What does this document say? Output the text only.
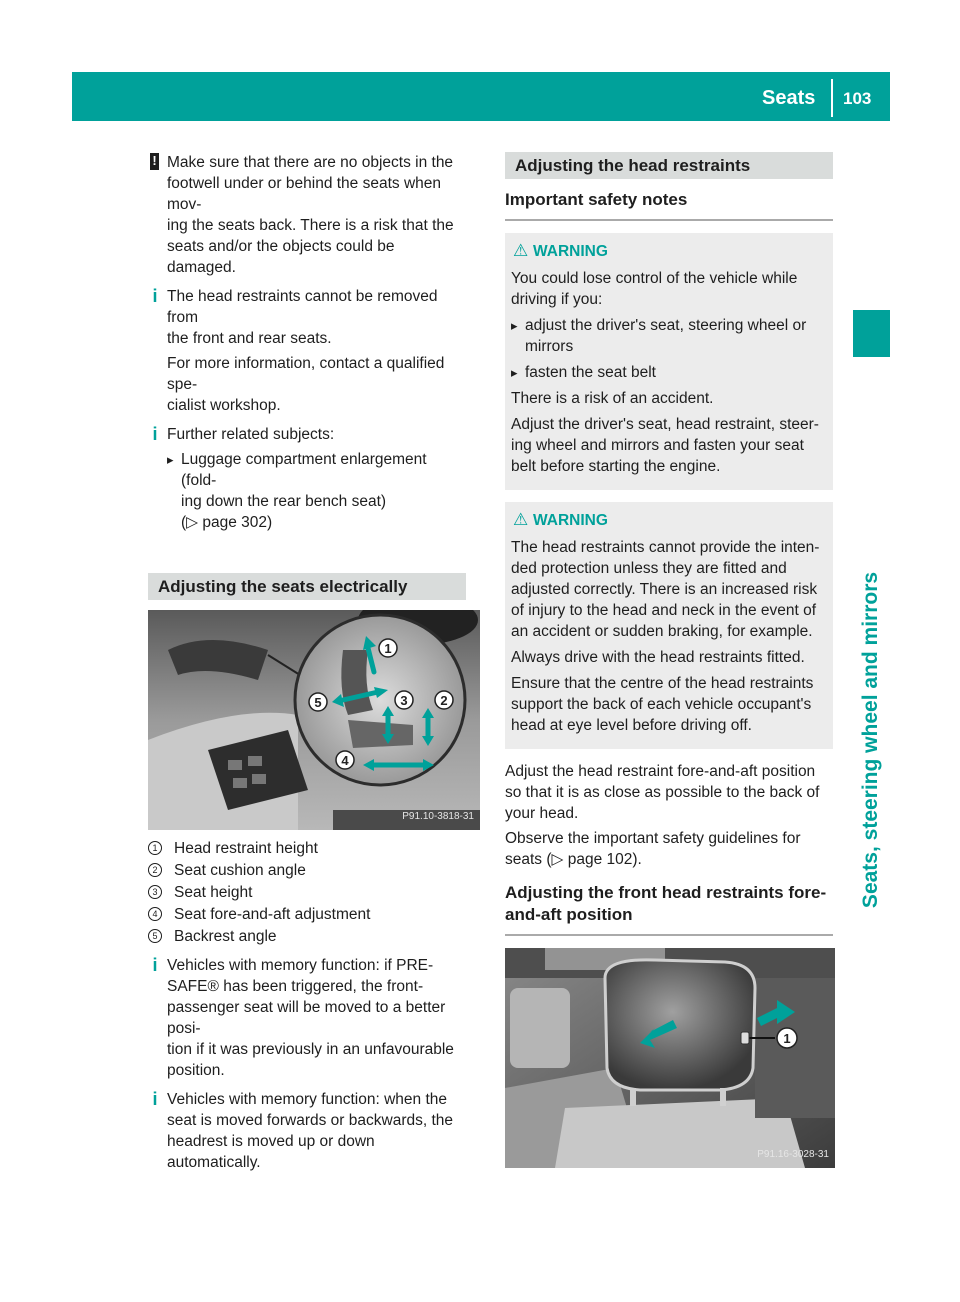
Seats 103
Seats, steering wheel and mirrors
! Make sure that there are no objects in the

footwell under or behind the seats when mov-

ing the seats back. There is a risk that the

seats and/or the objects could be damaged.

i The head restraints cannot be removed from

the front and rear seats.

For more information, contact a qualified spe-

cialist workshop.

i Further related subjects:

▸ Luggage compartment enlargement (fold-

ing down the rear bench seat)

(▷ page 302)

Adjusting the seats electrically
1
2
3
4
5
P91.10-3818-31
1 Head restraint height
2 Seat cushion angle
3 Seat height
4 Seat fore-and-aft adjustment
5 Backrest angle
i Vehicles with memory function: if PRE-

SAFE® has been triggered, the front-

passenger seat will be moved to a better posi-

tion if it was previously in an unfavourable

position.

i Vehicles with memory function: when the

seat is moved forwards or backwards, the

headrest is moved up or down automatically.

Adjusting the head restraints
Important safety notes
⚠ WARNING

You could lose control of the vehicle while

driving if you:

▸ adjust the driver's seat, steering wheel or

mirrors

▸ fasten the seat belt

There is a risk of an accident.

Adjust the driver's seat, head restraint, steer-

ing wheel and mirrors and fasten your seat

belt before starting the engine.

⚠ WARNING

The head restraints cannot provide the inten-

ded protection unless they are fitted and

adjusted correctly. There is an increased risk

of injury to the head and neck in the event of

an accident or sudden braking, for example.

Always drive with the head restraints fitted.

Ensure that the centre of the head restraints

support the back of each vehicle occupant's

head at eye level before driving off.

Adjust the head restraint fore-and-aft position

so that it is as close as possible to the back of

your head.

Observe the important safety guidelines for

seats (▷ page 102).

Adjusting the front head restraints fore-
and-aft position
1
P91.16-3028-31
